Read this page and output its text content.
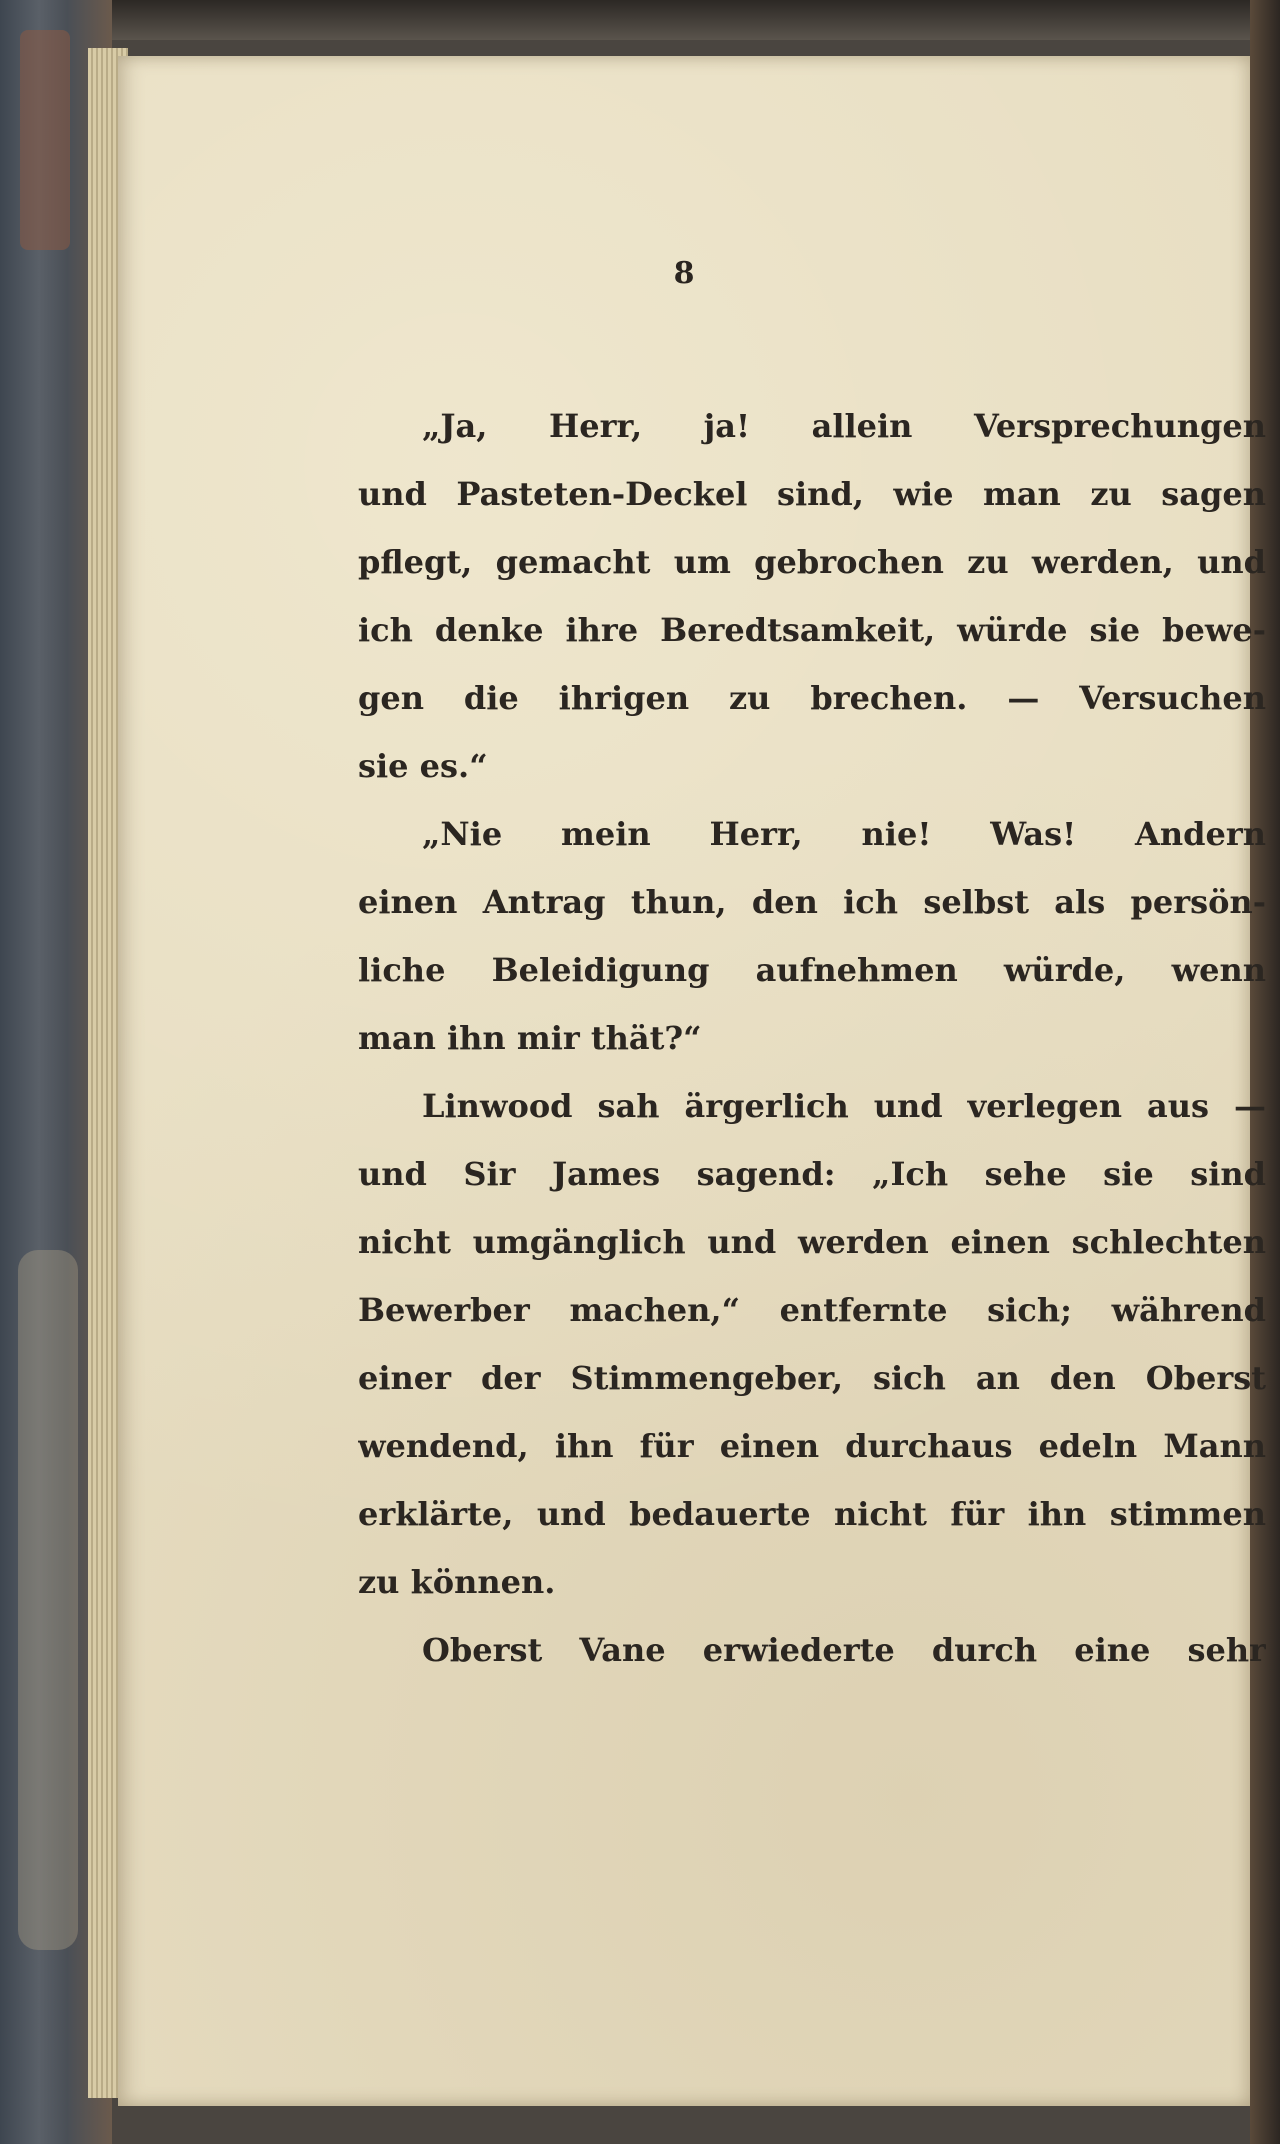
8
„Ja, Herr, ja! allein Versprechungen
und Pasteten-Deckel sind, wie man zu sagen
pflegt, gemacht um gebrochen zu werden, und
ich denke ihre Beredtsamkeit, würde sie bewe-
gen die ihrigen zu brechen. — Versuchen
sie es.“
„Nie mein Herr, nie! Was! Andern
einen Antrag thun, den ich selbst als persön-
liche Beleidigung aufnehmen würde, wenn
man ihn mir thät?“
Linwood sah ärgerlich und verlegen aus —
und Sir James sagend: „Ich sehe sie sind
nicht umgänglich und werden einen schlechten
Bewerber machen,“ entfernte sich; während
einer der Stimmengeber, sich an den Oberst
wendend, ihn für einen durchaus edeln Mann
erklärte, und bedauerte nicht für ihn stimmen
zu können.
Oberst Vane erwiederte durch eine sehr
